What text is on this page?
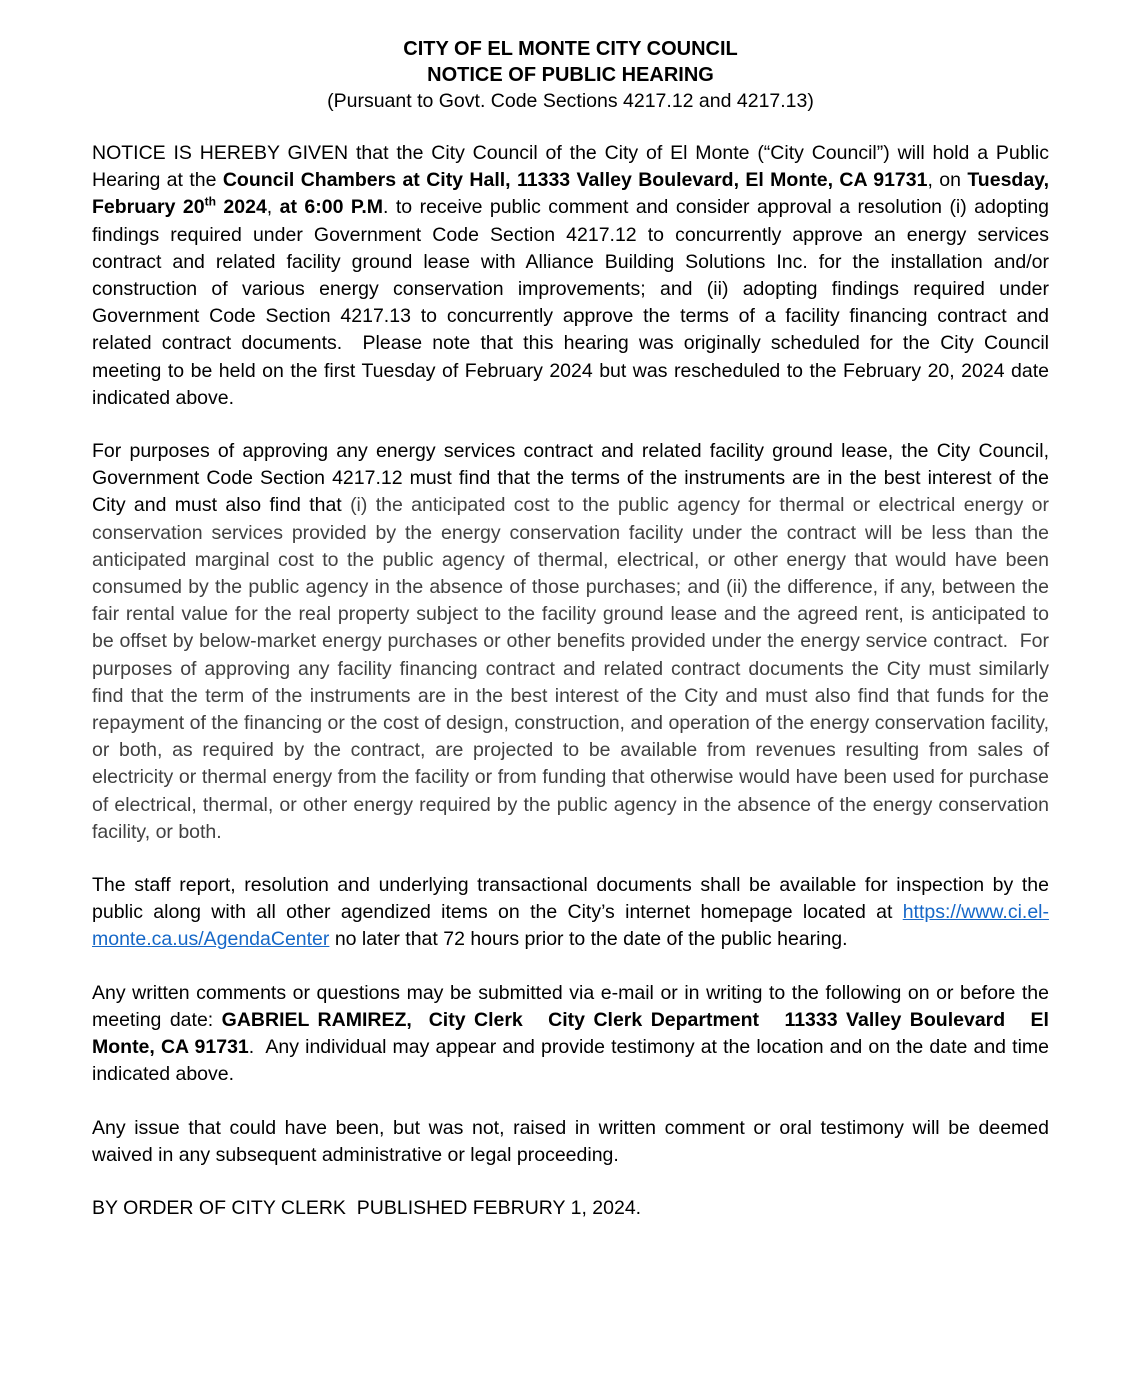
CITY OF EL MONTE CITY COUNCIL
NOTICE OF PUBLIC HEARING
(Pursuant to Govt. Code Sections 4217.12 and 4217.13)

NOTICE IS HEREBY GIVEN that the City Council of the City of El Monte (“City Council”) will hold a Public Hearing at the Council Chambers at City Hall, 11333 Valley Boulevard, El Monte, CA 91731, on Tuesday, February 20th 2024, at 6:00 P.M. to receive public comment and consider approval a resolution (i) adopting findings required under Government Code Section 4217.12 to concurrently approve an energy services contract and related facility ground lease with Alliance Building Solutions Inc. for the installation and/or construction of various energy conservation improvements; and (ii) adopting findings required under Government Code Section 4217.13 to concurrently approve the terms of a facility financing contract and related contract documents.  Please note that this hearing was originally scheduled for the City Council meeting to be held on the first Tuesday of February 2024 but was rescheduled to the February 20, 2024 date indicated above.

For purposes of approving any energy services contract and related facility ground lease, the City Council, Government Code Section 4217.12 must find that the terms of the instruments are in the best interest of the City and must also find that (i) the anticipated cost to the public agency for thermal or electrical energy or conservation services provided by the energy conservation facility under the contract will be less than the anticipated marginal cost to the public agency of thermal, electrical, or other energy that would have been consumed by the public agency in the absence of those purchases; and (ii) the difference, if any, between the fair rental value for the real property subject to the facility ground lease and the agreed rent, is anticipated to be offset by below-market energy purchases or other benefits provided under the energy service contract.  For purposes of approving any facility financing contract and related contract documents the City must similarly find that the term of the instruments are in the best interest of the City and must also find that funds for the repayment of the financing or the cost of design, construction, and operation of the energy conservation facility, or both, as required by the contract, are projected to be available from revenues resulting from sales of electricity or thermal energy from the facility or from funding that otherwise would have been used for purchase of electrical, thermal, or other energy required by the public agency in the absence of the energy conservation facility, or both.

The staff report, resolution and underlying transactional documents shall be available for inspection by the public along with all other agendized items on the City’s internet homepage located at https://www.ci.el-monte.ca.us/AgendaCenter no later that 72 hours prior to the date of the public hearing.

Any written comments or questions may be submitted via e-mail or in writing to the following on or before the meeting date: GABRIEL RAMIREZ,  City Clerk   City Clerk Department   11333 Valley Boulevard   El Monte, CA 91731.  Any individual may appear and provide testimony at the location and on the date and time indicated above.

Any issue that could have been, but was not, raised in written comment or oral testimony will be deemed waived in any subsequent administrative or legal proceeding.

BY ORDER OF CITY CLERK  PUBLISHED FEBRURY 1, 2024.
